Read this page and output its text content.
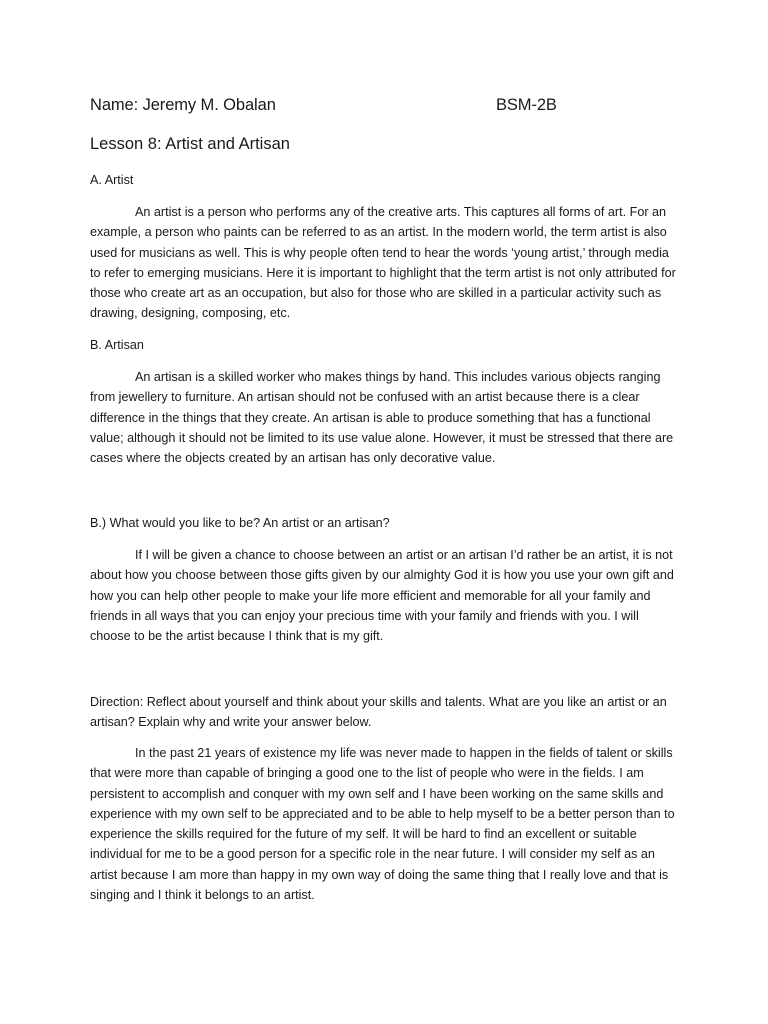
Name: Jeremy M. Obalan	BSM-2B
Lesson 8: Artist and Artisan
A. Artist

An artist is a person who performs any of the creative arts. This captures all forms of art. For an example, a person who paints can be referred to as an artist. In the modern world, the term artist is also used for musicians as well. This is why people often tend to hear the words ‘young artist,’ through media to refer to emerging musicians. Here it is important to highlight that the term artist is not only attributed for those who create art as an occupation, but also for those who are skilled in a particular activity such as drawing, designing, composing, etc.

B. Artisan

An artisan is a skilled worker who makes things by hand. This includes various objects ranging from jewellery to furniture. An artisan should not be confused with an artist because there is a clear difference in the things that they create. An artisan is able to produce something that has a functional value; although it should not be limited to its use value alone. However, it must be stressed that there are cases where the objects created by an artisan has only decorative value.

B.) What would you like to be? An artist or an artisan?

If I will be given a chance to choose between an artist or an artisan I’d rather be an artist, it is not about how you choose between those gifts given by our almighty God it is how you use your own gift and how you can help other people to make your life more efficient and memorable for all your family and friends in all ways that you can enjoy your precious time with your family and friends with you. I will choose to be the artist because I think that is my gift.

Direction: Reflect about yourself and think about your skills and talents. What are you like an artist or an artisan? Explain why and write your answer below.

In the past 21 years of existence my life was never made to happen in the fields of talent or skills that were more than capable of bringing a good one to the list of people who were in the fields. I am persistent to accomplish and conquer with my own self and I have been working on the same skills and experience with my own self to be appreciated and to be able to help myself to be a better person than to experience the skills required for the future of my self. It will be hard to find an excellent or suitable individual for me to be a good person for a specific role in the near future. I will consider my self as an artist because I am more than happy in my own way of doing the same thing that I really love and that is singing and I think it belongs to an artist.
